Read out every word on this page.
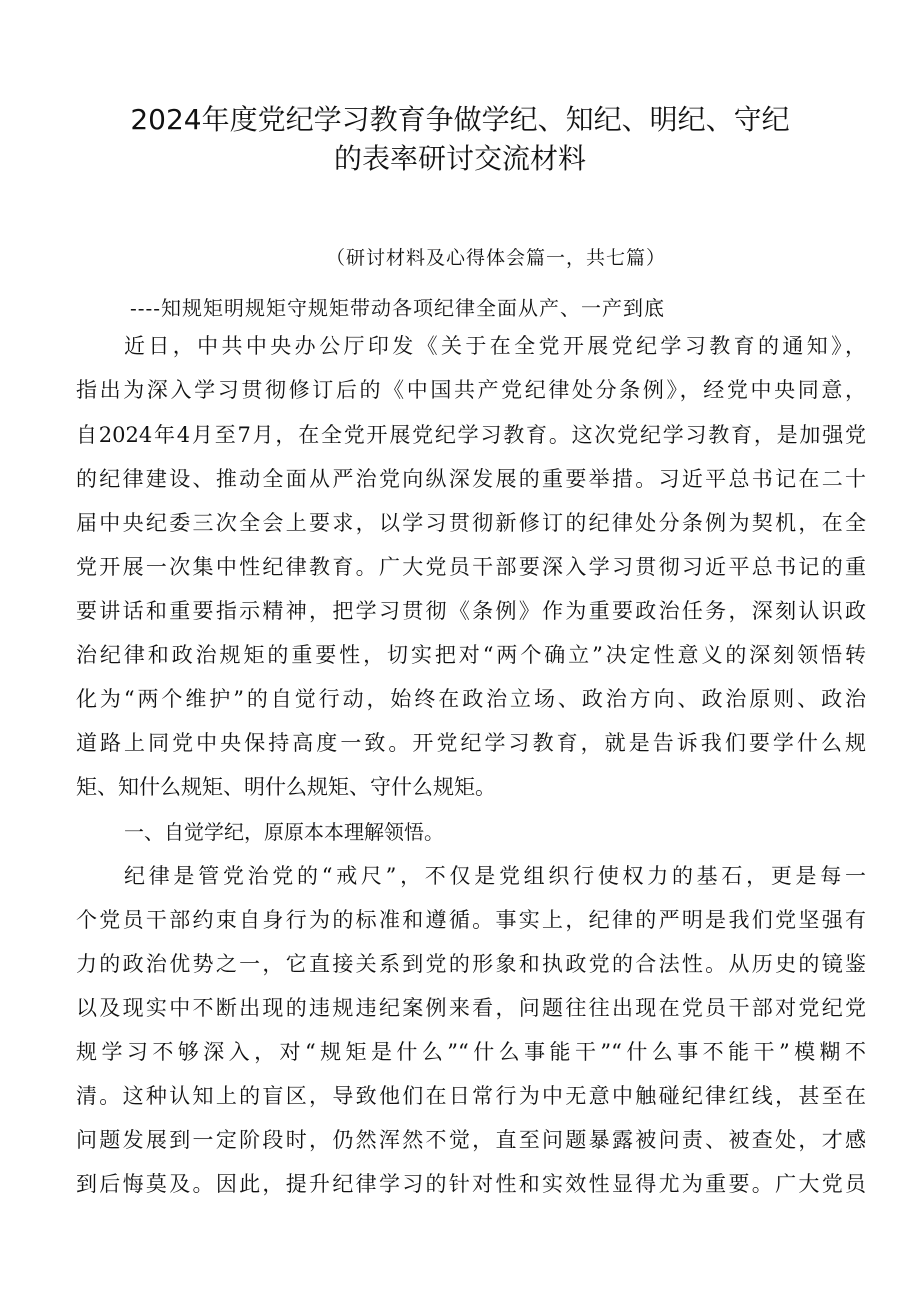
2024年度党纪学习教育争做学纪、知纪、明纪、守纪
的表率研讨交流材料
（研讨材料及心得体会篇一，共七篇）
----知规矩明规矩守规矩带动各项纪律全面从产、一产到底
近日，中共中央办公厅印发《关于在全党开展党纪学习教育的通知》，
指出为深入学习贯彻修订后的《中国共产党纪律处分条例》，经党中央同意，
自2024年4月至7月，在全党开展党纪学习教育。这次党纪学习教育，是加强党
的纪律建设、推动全面从严治党向纵深发展的重要举措。习近平总书记在二十
届中央纪委三次全会上要求，以学习贯彻新修订的纪律处分条例为契机，在全
党开展一次集中性纪律教育。广大党员干部要深入学习贯彻习近平总书记的重
要讲话和重要指示精神，把学习贯彻《条例》作为重要政治任务，深刻认识政
治纪律和政治规矩的重要性，切实把对“两个确立”决定性意义的深刻领悟转
化为“两个维护”的自觉行动，始终在政治立场、政治方向、政治原则、政治
道路上同党中央保持高度一致。开党纪学习教育，就是告诉我们要学什么规
矩、知什么规矩、明什么规矩、守什么规矩。
一、自觉学纪，原原本本理解领悟。
纪律是管党治党的“戒尺”，不仅是党组织行使权力的基石，更是每一
个党员干部约束自身行为的标准和遵循。事实上，纪律的严明是我们党坚强有
力的政治优势之一，它直接关系到党的形象和执政党的合法性。从历史的镜鉴
以及现实中不断出现的违规违纪案例来看，问题往往出现在党员干部对党纪党
规学习不够深入，对“规矩是什么”“什么事能干”“什么事不能干”模糊不
清。这种认知上的盲区，导致他们在日常行为中无意中触碰纪律红线，甚至在
问题发展到一定阶段时，仍然浑然不觉，直至问题暴露被问责、被查处，才感
到后悔莫及。因此，提升纪律学习的针对性和实效性显得尤为重要。广大党员
